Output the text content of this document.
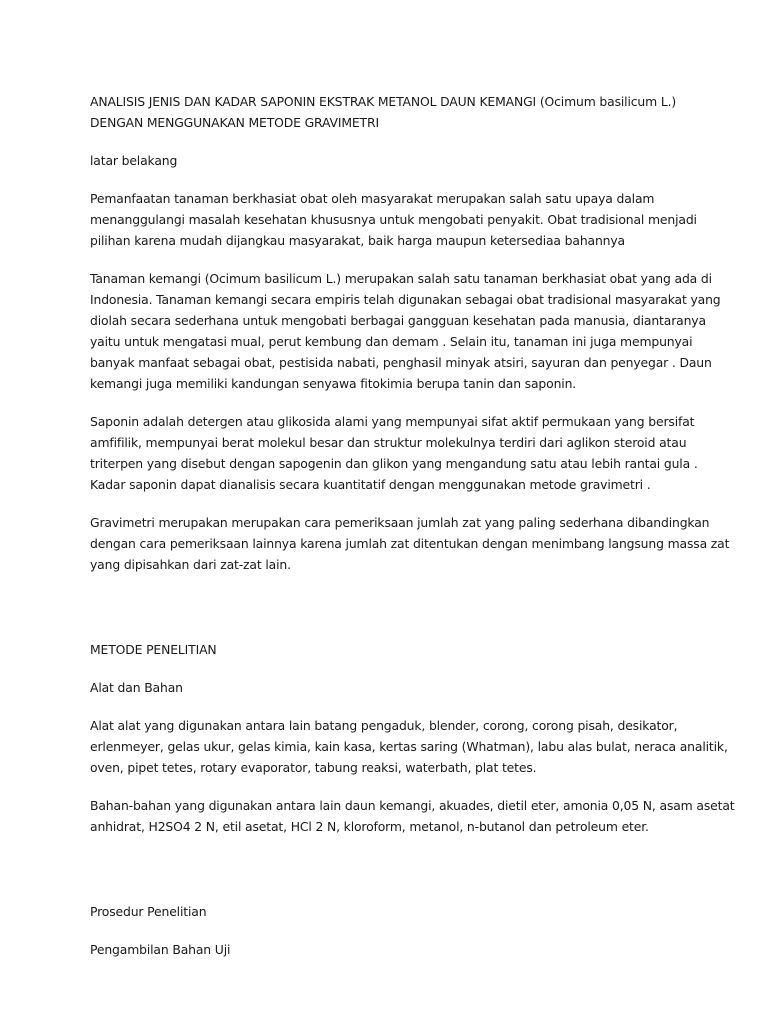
ANALISIS JENIS DAN KADAR SAPONIN EKSTRAK METANOL DAUN KEMANGI (Ocimum basilicum L.)
DENGAN MENGGUNAKAN METODE GRAVIMETRI
latar belakang

Pemanfaatan tanaman berkhasiat obat oleh masyarakat merupakan salah satu upaya dalam
menanggulangi masalah kesehatan khususnya untuk mengobati penyakit. Obat tradisional menjadi
pilihan karena mudah dijangkau masyarakat, baik harga maupun ketersediaa bahannya

Tanaman kemangi (Ocimum basilicum L.) merupakan salah satu tanaman berkhasiat obat yang ada di
Indonesia. Tanaman kemangi secara empiris telah digunakan sebagai obat tradisional masyarakat yang
diolah secara sederhana untuk mengobati berbagai gangguan kesehatan pada manusia, diantaranya
yaitu untuk mengatasi mual, perut kembung dan demam . Selain itu, tanaman ini juga mempunyai
banyak manfaat sebagai obat, pestisida nabati, penghasil minyak atsiri, sayuran dan penyegar . Daun
kemangi juga memiliki kandungan senyawa fitokimia berupa tanin dan saponin.

Saponin adalah detergen atau glikosida alami yang mempunyai sifat aktif permukaan yang bersifat
amfifilik, mempunyai berat molekul besar dan struktur molekulnya terdiri dari aglikon steroid atau
triterpen yang disebut dengan sapogenin dan glikon yang mengandung satu atau lebih rantai gula .
Kadar saponin dapat dianalisis secara kuantitatif dengan menggunakan metode gravimetri .

Gravimetri merupakan merupakan cara pemeriksaan jumlah zat yang paling sederhana dibandingkan
dengan cara pemeriksaan lainnya karena jumlah zat ditentukan dengan menimbang langsung massa zat
yang dipisahkan dari zat-zat lain.

METODE PENELITIAN
Alat dan Bahan

Alat alat yang digunakan antara lain batang pengaduk, blender, corong, corong pisah, desikator,
erlenmeyer, gelas ukur, gelas kimia, kain kasa, kertas saring (Whatman), labu alas bulat, neraca analitik,
oven, pipet tetes, rotary evaporator, tabung reaksi, waterbath, plat tetes.

Bahan-bahan yang digunakan antara lain daun kemangi, akuades, dietil eter, amonia 0,05 N, asam asetat
anhidrat, H2SO4 2 N, etil asetat, HCl 2 N, kloroform, metanol, n-butanol dan petroleum eter.

Prosedur Penelitian
Pengambilan Bahan Uji
